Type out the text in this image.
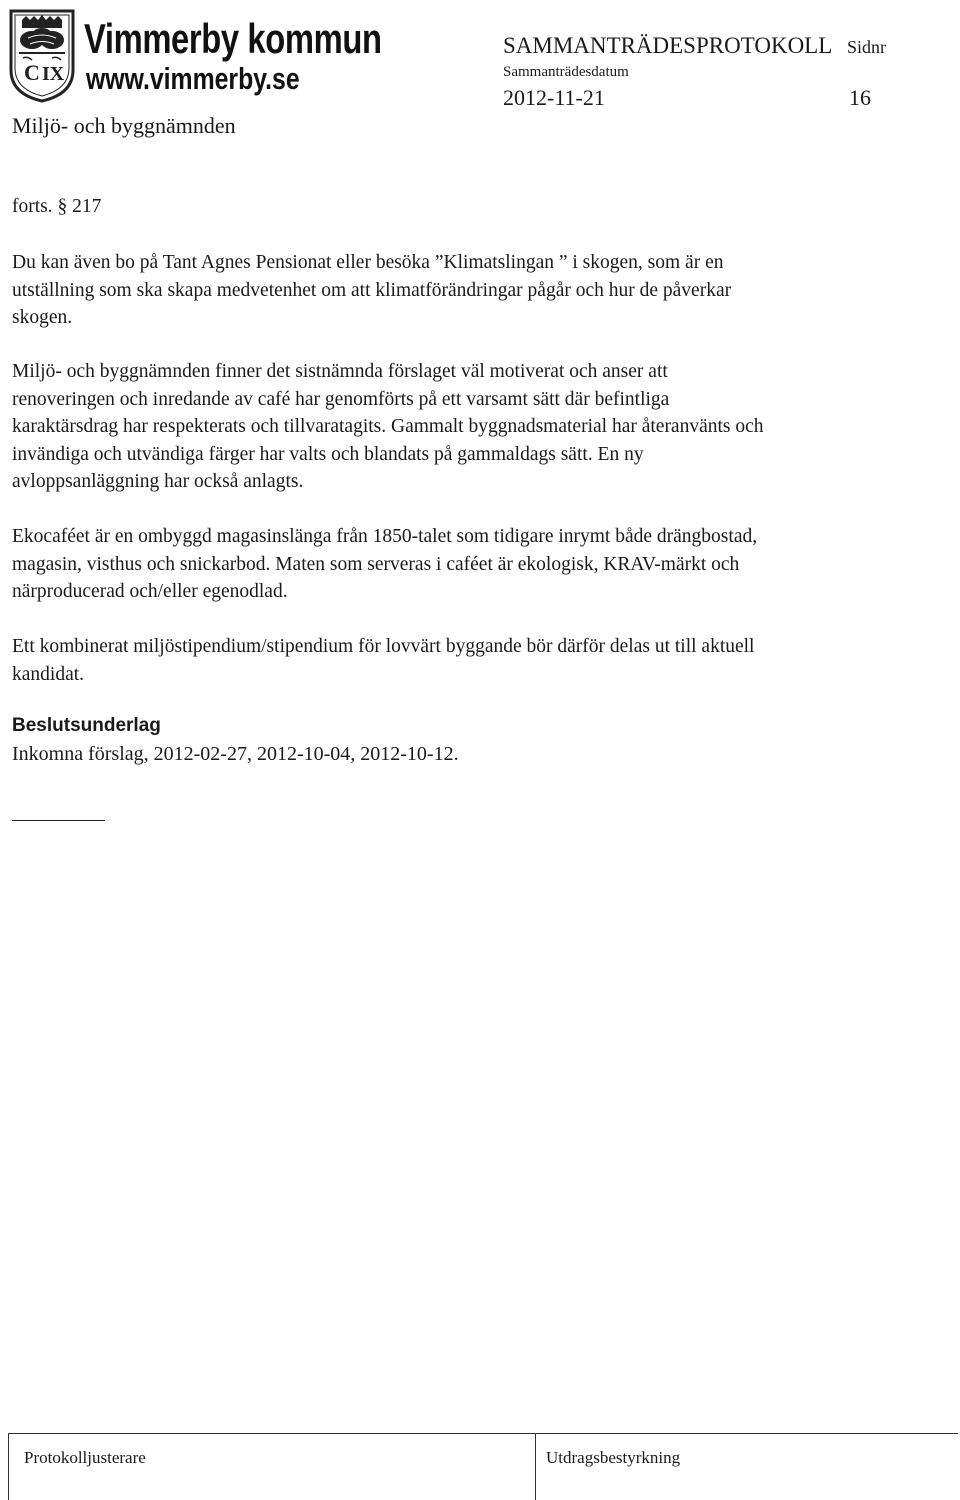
C IX
Vimmerby kommun
www.vimmerby.se
SAMMANTRÄDESPROTOKOLL Sidnr
Sammanträdesdatum
2012-11-21	16
Miljö- och byggnämnden

forts. § 217

Du kan även bo på Tant Agnes Pensionat eller besöka ”Klimatslingan ” i skogen, som är en utställning som ska skapa medvetenhet om att klimatförändringar pågår och hur de påverkar skogen.

Miljö- och byggnämnden finner det sistnämnda förslaget väl motiverat och anser att renoveringen och inredande av café har genomförts på ett varsamt sätt där befintliga karaktärsdrag har respekterats och tillvaratagits. Gammalt byggnadsmaterial har återanvänts och invändiga och utvändiga färger har valts och blandats på gammaldags sätt. En ny avloppsanläggning har också anlagts.

Ekocaféet är en ombyggd magasinslänga från 1850-talet som tidigare inrymt både drängbostad, magasin, visthus och snickarbod. Maten som serveras i caféet är ekologisk, KRAV-märkt och närproducerad och/eller egenodlad.

Ett kombinerat miljöstipendium/stipendium för lovvärt byggande bör därför delas ut till aktuell kandidat.

Beslutsunderlag
Inkomna förslag, 2012-02-27, 2012-10-04, 2012-10-12.
Protokolljusterare	Utdragsbestyrkning
